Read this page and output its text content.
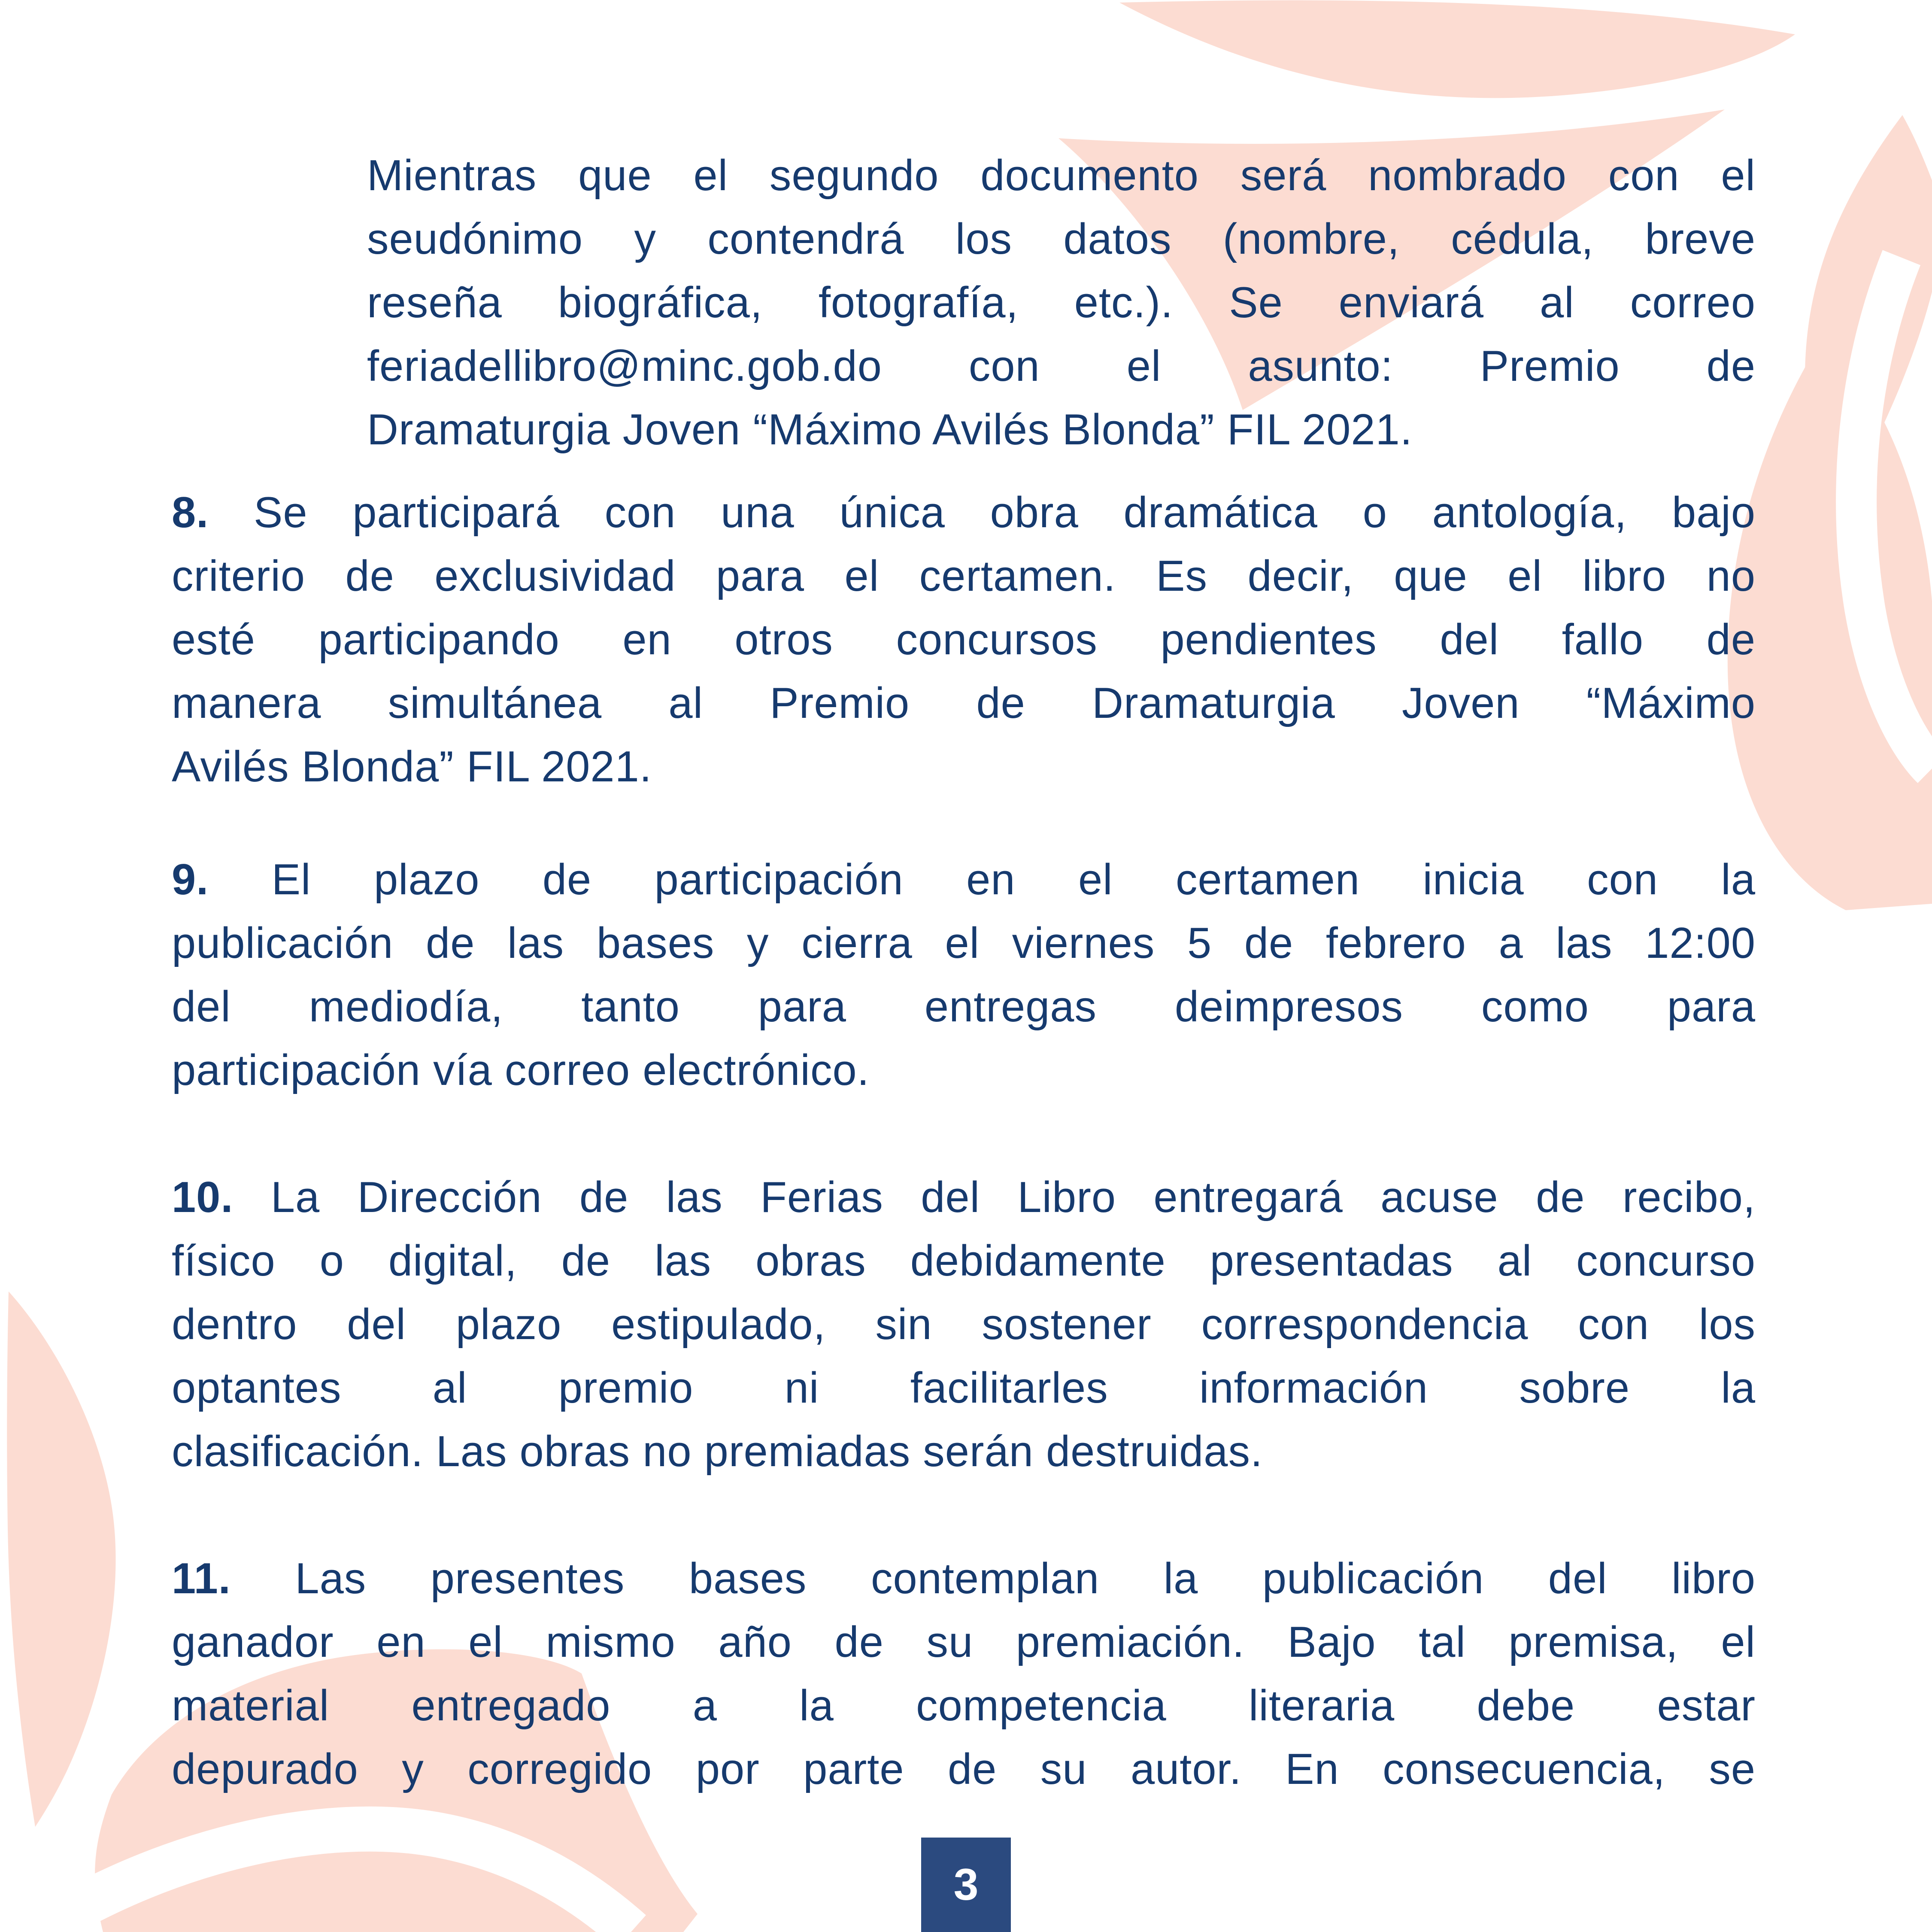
Mientras que el segundo documento será nombrado con el
seudónimo y contendrá los datos (nombre, cédula, breve
reseña biográfica, fotografía, etc.). Se enviará al correo
feriadellibro@minc.gob.do con el asunto: Premio de
Dramaturgia Joven “Máximo Avilés Blonda” FIL 2021.
8. Se participará con una única obra dramática o antología, bajo
criterio de exclusividad para el certamen. Es decir, que el libro no
esté participando en otros concursos pendientes del fallo de
manera simultánea al Premio de Dramaturgia Joven “Máximo
Avilés Blonda” FIL 2021.
9. El plazo de participación en el certamen inicia con la
publicación de las bases y cierra el viernes 5 de febrero a las 12:00
del mediodía, tanto para entregas deimpresos como para
participación vía correo electrónico.
10. La Dirección de las Ferias del Libro entregará acuse de recibo,
físico o digital, de las obras debidamente presentadas al concurso
dentro del plazo estipulado, sin sostener correspondencia con los
optantes al premio ni facilitarles información sobre la
clasificación. Las obras no premiadas serán destruidas.
11. Las presentes bases contemplan la publicación del libro
ganador en el mismo año de su premiación. Bajo tal premisa, el
material entregado a la competencia literaria debe estar
depurado y corregido por parte de su autor. En consecuencia, se
3
